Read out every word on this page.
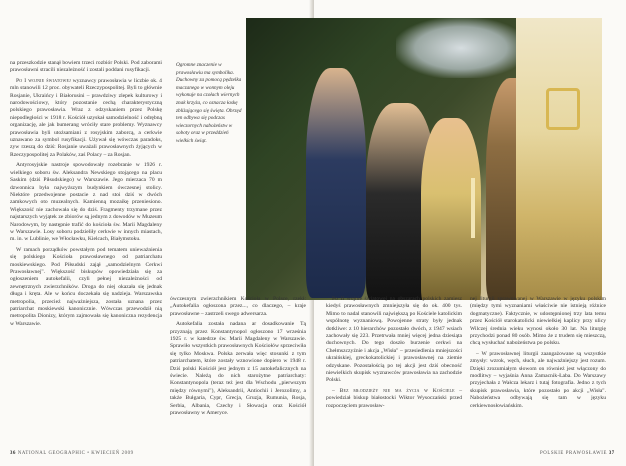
na przeszkodzie stanął bowiem trzeci rozbiór Polski. Pod zaborami prawosławni stracili niezależność i zostali poddani rusyfikacji.

Po I wojnie światowej wyznawcy prawosławia w liczbie ok. 4 mln stanowili 12 proc. obywateli Rzeczypospolitej. Byli to głównie Rosjanie, Ukraińcy i Białorusini – prawdziwy zlepek kulturowy i narodowościowy, który pozostanie cechą charakterystyczną polskiego prawosławia. Wraz z odzyskaniem przez Polskę niepodległości w 1918 r. Kościół uzyskał samodzielność i odrębną organizację, ale jak bumerang wróciły stare problemy. Wyznawcy prawosławia byli utożsamiani z rosyjskim zaborcą, a cerkwie uznawano za symbol rusyfikacji. Używał się wówczas paradoks, zyw rzeszą do dziś: Rosjanie uważali prawosławnych żyjących w Rzeczypospolitej za Polaków, zaś Polacy – za Rosjan.

Antyrosyjskie nastroje spowodowały rozebranie w 1926 r. wielkiego soboru św. Aleksandra Newskiego stojącego na placu Saskim (dziś Piłsudskiego) w Warszawie. Jego mierzaca 70 m dzwonnica była najwyższym budynkiem ówczesnej stolicy. Niektóre przedwojenne postacie z nad stoi dziś w dwóch zamkowych oto muzealnych. Kamienną mozaikę przeniesiono. Większość nie zachowała się do dziś. Fragmenty trzymane przez najstarszych wyjątek ze zbiorów są jednym z dowodów w Muzeum Narodowym, by następnie trafić do kościoła św. Marii Magdaleny w Warszawie. Losy soboru podzieliły cerkwie w innych miastach, m. in. w Lublinie, we Włocławku, Kielcach, Białymstoku.

W ramach porządków powstałym pod tematem unieważnienia się polskiego Kościoła prawosławnego od patriarchatu moskiewskiego. Pod Piłsudski zajął „samodzielnym Cerkwi Prawosławnej". Większość biskupów opowiedziała się za ogłoszeniem autokefalii, czyli pełnej niezależności od zewnętrznych zwierzchników. Droga do niej okazała się jednak długa i kręta. Ale w końcu doczekała się nadzieja. Warszawska metropolia, przecież najważniejsza, została uznana przez patriarchat moskiewski kanonicznie. Wówczas przewodził nią metropolita Dionizy, którym zajmowała się kanoniczna rezydencja w Warszawie.

Ogromne znaczenie w prawosławiu ma symbolika. Duchowny za pomocą pędzelka maczanego w wonnym oleju wykonuje na czołach wiernych znak krzyża, co oznacza łaskę zbliżającego się święta. Obrzęd ten odbywa się podczas wieczornych nabożeństw w soboty oraz w przeddzień wielkich świąt.

ówczesnym zwierzchnikiem Kościoła w Polsce, rzekł: „Autokefalia ogłoszona przez..., co dlaczego, – kraje prawosławne – zastrzeli swego adwersarza.

Autokefalia została nadana ar dosadkowanie Tą przyznają przez Konstantynopol ogłoszono 17 września 1925 r. w katedrze św. Marii Magdaleny w Warszawie. Sprawiło wszystkich prawosławnych Kościołów sprzeciwiła się tylko Moskwa. Polska zerwała więc stosunki z tym patriarchatem, które zostały wznowione dopiero w 1948 r. Dziś polski Kościół jest jednym z 15 autokefalicznych na świecie. Należą do nich starożytne patriarchaty: Konstantynopola (teraz też jest dla Wschodu „pierwszym między równymi"), Aleksandrii, Antiochii i Jerozolimy, a także Bułgaria, Cypr, Grecja, Gruzja, Rumunia, Rosja, Serbia, Albania, Czechy i Słowacja oraz Kościół prawosławny w Ameryce.

Po II wojnie światowej na obszarach polskich zamiesz kiedyś prawosławnych zmniejszyła się do ok. 400 tys. Mimo to nadal stanowili największą po Kościele katolickim wspólnotę wyznaniową. Powojenne straty były jednak dotkliwe: z 10 hierarchów pozostało dwóch, z 1947 wsiach zachowały się 223. Przetrwała mniej więcej jedna dziesiąta duchownych. Do tego doszło burzenie cerkwi na Chełmszczyźnie i akcja „Wisła" – przesiedlenia mniejszości ukraińskiej, greckokatolickiej i prawosławnej na ziemie odzyskane. Pozostałością po tej akcji jest dziś obecność niewielkich skupisk wyznawców prawosławia na zachodzie Polski.

– Bez młodzieży nie ma życia w Kościele – powiedział biskup białostocki Wiktor Wysoczański przed rozpoczęciem prawosław-

nej liturgii sprawowanej w Warszawie w języku polskim (między tymi wyznaniami właściwie nie istnieją różnice dogmatyczne). Faktycznie, w udostępnionej trzy lata temu przez Kościół starokatolicki niewielkiej kaplicy przy ulicy Wilczej średnia wieku wynosi około 30 lat. Na liturgię przychodzi ponad 80 osób. Mimo że z trudem się mieszczą, chcą wysłuchać nabożeństwa po polsku.

– W prawosławnej liturgii zaangażowane są wszystkie zmysły: wzrok, węch, słuch, ale najważniejszy jest rozum. Dzięki zrozumiałym słowom on również jest włączony do modlitwy – wyjaśnia Anna Zamacnik-Łaba. Do Warszawy przyjechała z Wałcza lekarz i tutaj fotografia. Jedno z tych skupisk prawosławia, które pozostało po akcji „Wisła". Nabożeństwa odbywają się tam w języku cerkiewnosłowiańskim.

36 NATIONAL GEOGRAPHIC • KWIECIEŃ 2009	POLSKIE PRAWOSŁAWIE 37
